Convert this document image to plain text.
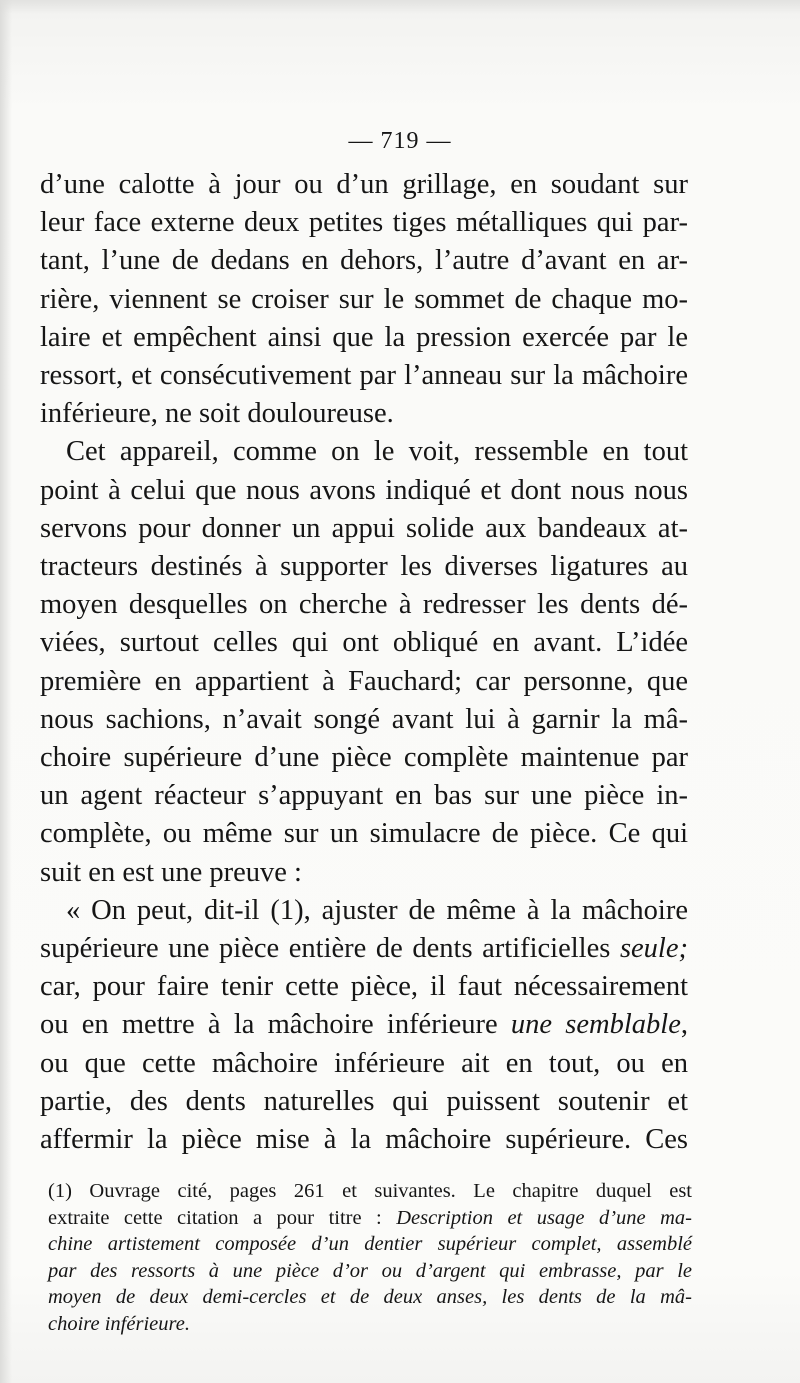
— 719 —
d’une calotte à jour ou d’un grillage, en soudant sur
leur face externe deux petites tiges métalliques qui par-
tant, l’une de dedans en dehors, l’autre d’avant en ar-
rière, viennent se croiser sur le sommet de chaque mo-
laire et empêchent ainsi que la pression exercée par le
ressort, et consécutivement par l’anneau sur la mâchoire
inférieure, ne soit douloureuse.
Cet appareil, comme on le voit, ressemble en tout
point à celui que nous avons indiqué et dont nous nous
servons pour donner un appui solide aux bandeaux at-
tracteurs destinés à supporter les diverses ligatures au
moyen desquelles on cherche à redresser les dents dé-
viées, surtout celles qui ont obliqué en avant. L’idée
première en appartient à Fauchard; car personne, que
nous sachions, n’avait songé avant lui à garnir la mâ-
choire supérieure d’une pièce complète maintenue par
un agent réacteur s’appuyant en bas sur une pièce in-
complète, ou même sur un simulacre de pièce. Ce qui
suit en est une preuve :
« On peut, dit-il (1), ajuster de même à la mâchoire
supérieure une pièce entière de dents artificielles seule;
car, pour faire tenir cette pièce, il faut nécessairement
ou en mettre à la mâchoire inférieure une semblable,
ou que cette mâchoire inférieure ait en tout, ou en
partie, des dents naturelles qui puissent soutenir et
affermir la pièce mise à la mâchoire supérieure. Ces
(1) Ouvrage cité, pages 261 et suivantes. Le chapitre duquel est
extraite cette citation a pour titre : Description et usage d’une ma-
chine artistement composée d’un dentier supérieur complet, assemblé
par des ressorts à une pièce d’or ou d’argent qui embrasse, par le
moyen de deux demi-cercles et de deux anses, les dents de la mâ-
choire inférieure.
